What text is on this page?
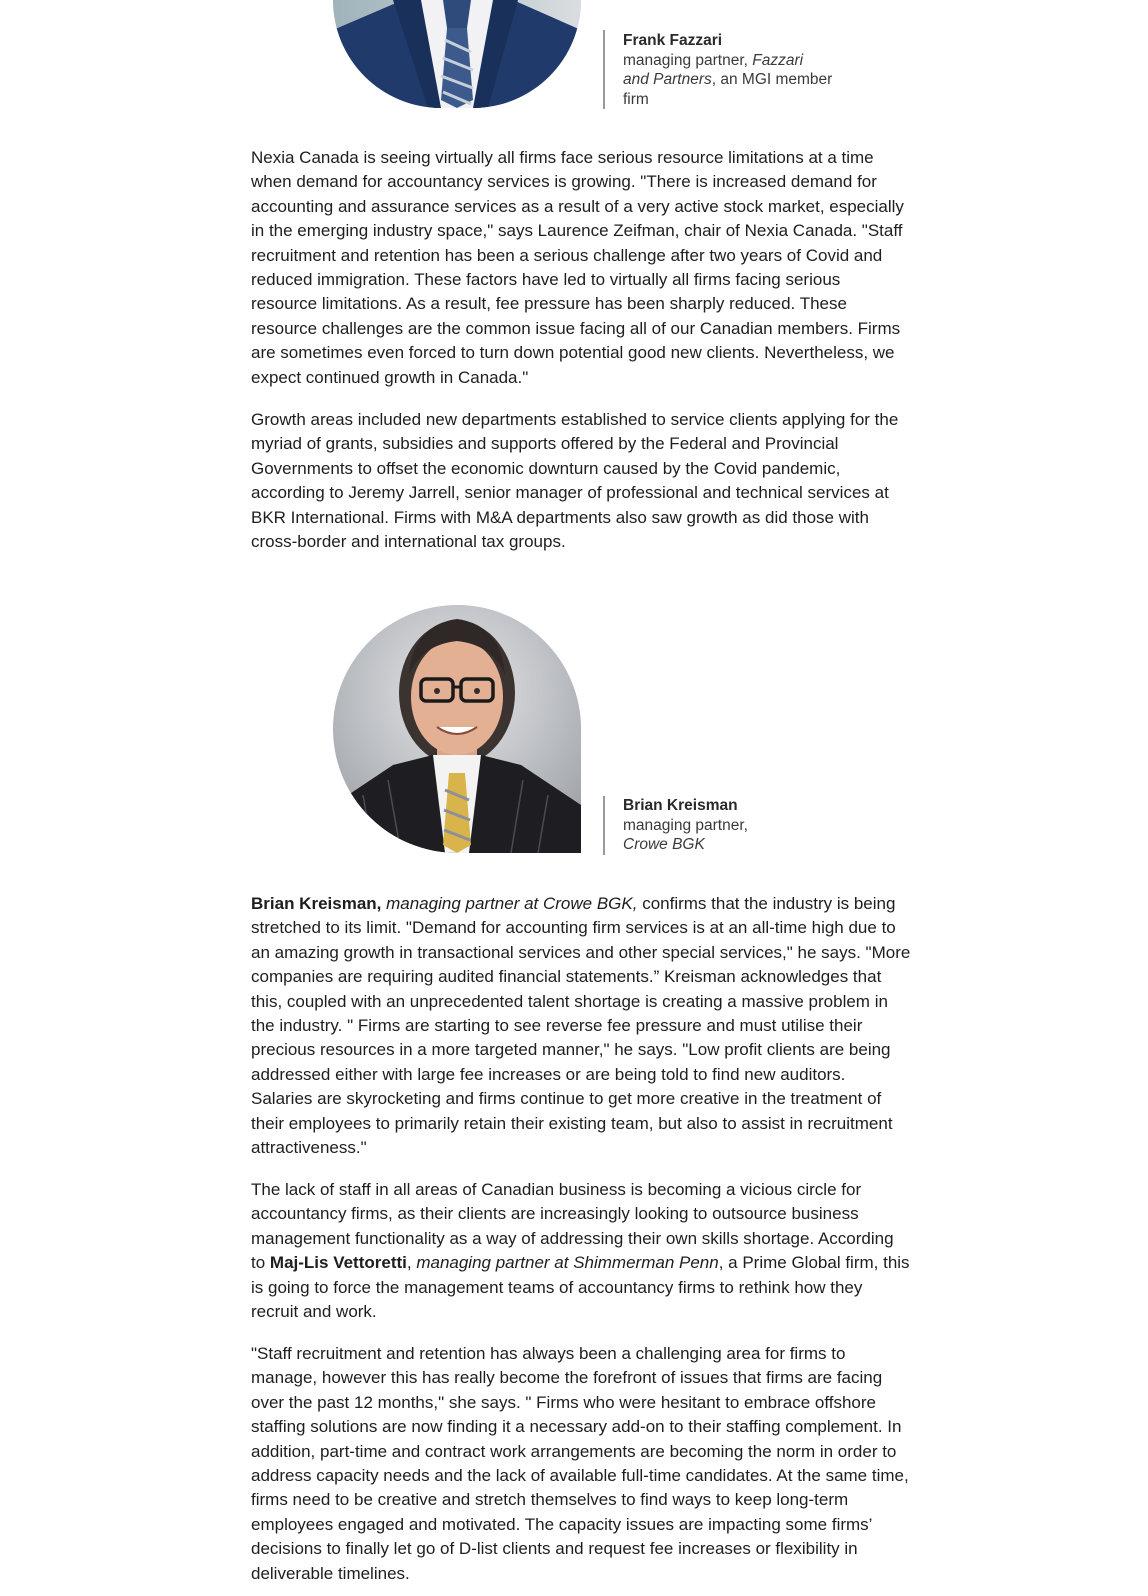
Frank Fazzari
managing partner, Fazzari and Partners, an MGI member firm

Nexia Canada is seeing virtually all firms face serious resource limitations at a time when demand for accountancy services is growing. "There is increased demand for accounting and assurance services as a result of a very active stock market, especially in the emerging industry space," says Laurence Zeifman, chair of Nexia Canada. "Staff recruitment and retention has been a serious challenge after two years of Covid and reduced immigration. These factors have led to virtually all firms facing serious resource limitations. As a result, fee pressure has been sharply reduced. These resource challenges are the common issue facing all of our Canadian members. Firms are sometimes even forced to turn down potential good new clients. Nevertheless, we expect continued growth in Canada."

Growth areas included new departments established to service clients applying for the myriad of grants, subsidies and supports offered by the Federal and Provincial Governments to offset the economic downturn caused by the Covid pandemic, according to Jeremy Jarrell, senior manager of professional and technical services at BKR International. Firms with M&A departments also saw growth as did those with cross-border and international tax groups.

Brian Kreisman
managing partner,
Crowe BGK

Brian Kreisman, managing partner at Crowe BGK, confirms that the industry is being stretched to its limit. "Demand for accounting firm services is at an all-time high due to an amazing growth in transactional services and other special services," he says. "More companies are requiring audited financial statements.” Kreisman acknowledges that this, coupled with an unprecedented talent shortage is creating a massive problem in the industry. " Firms are starting to see reverse fee pressure and must utilise their precious resources in a more targeted manner," he says. "Low profit clients are being addressed either with large fee increases or are being told to find new auditors. Salaries are skyrocketing and firms continue to get more creative in the treatment of their employees to primarily retain their existing team, but also to assist in recruitment attractiveness."

The lack of staff in all areas of Canadian business is becoming a vicious circle for accountancy firms, as their clients are increasingly looking to outsource business management functionality as a way of addressing their own skills shortage. According to Maj-Lis Vettoretti, managing partner at Shimmerman Penn, a Prime Global firm, this is going to force the management teams of accountancy firms to rethink how they recruit and work.

"Staff recruitment and retention has always been a challenging area for firms to manage, however this has really become the forefront of issues that firms are facing over the past 12 months," she says. " Firms who were hesitant to embrace offshore staffing solutions are now finding it a necessary add-on to their staffing complement. In addition, part-time and contract work arrangements are becoming the norm in order to address capacity needs and the lack of available full-time candidates. At the same time, firms need to be creative and stretch themselves to find ways to keep long-term employees engaged and motivated. The capacity issues are impacting some firms’ decisions to finally let go of D-list clients and request fee increases or flexibility in deliverable timelines.
